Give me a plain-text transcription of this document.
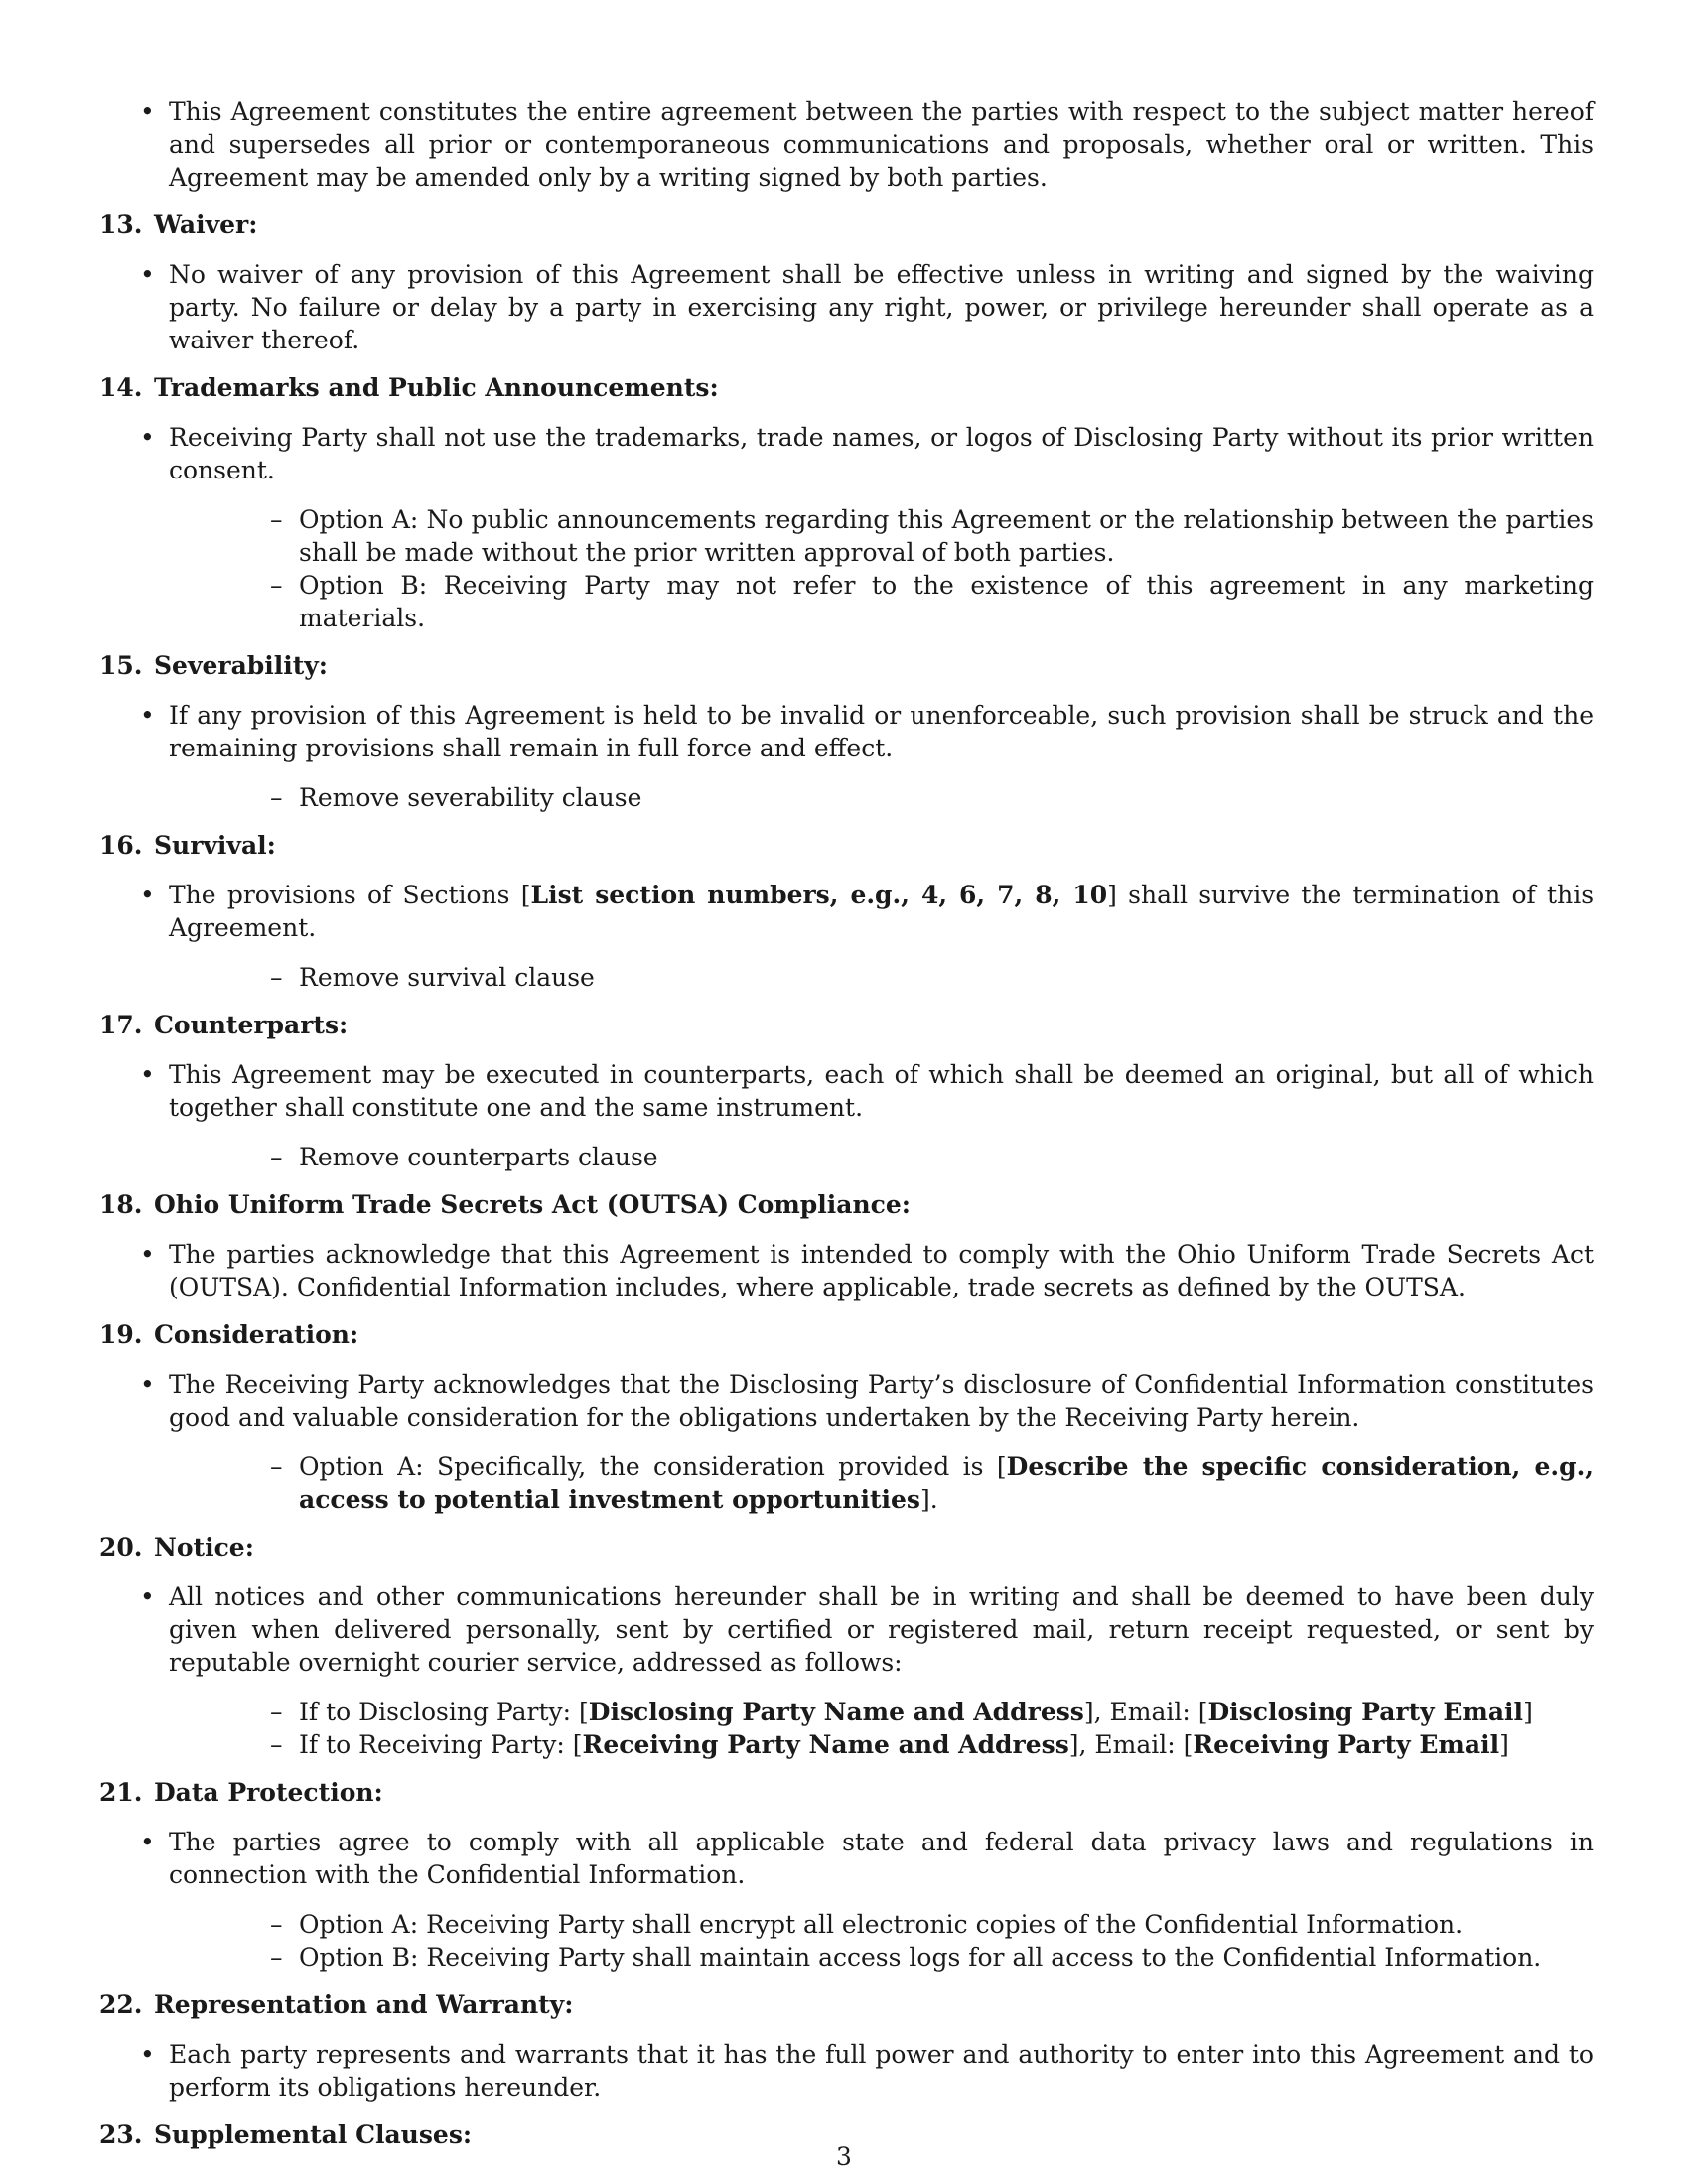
• This Agreement constitutes the entire agreement between the parties with respect to the subject matter hereof and supersedes all prior or contemporaneous communications and proposals, whether oral or written. This Agreement may be amended only by a writing signed by both parties.
13. Waiver:
• No waiver of any provision of this Agreement shall be effective unless in writing and signed by the waiving party. No failure or delay by a party in exercising any right, power, or privilege hereunder shall operate as a waiver thereof.
14. Trademarks and Public Announcements:
• Receiving Party shall not use the trademarks, trade names, or logos of Disclosing Party without its prior written consent.
– Option A: No public announcements regarding this Agreement or the relationship between the parties shall be made without the prior written approval of both parties.
– Option B: Receiving Party may not refer to the existence of this agreement in any marketing materials.
15. Severability:
• If any provision of this Agreement is held to be invalid or unenforceable, such provision shall be struck and the remaining provisions shall remain in full force and effect.
– Remove severability clause
16. Survival:
• The provisions of Sections [List section numbers, e.g., 4, 6, 7, 8, 10] shall survive the termination of this Agreement.
– Remove survival clause
17. Counterparts:
• This Agreement may be executed in counterparts, each of which shall be deemed an original, but all of which together shall constitute one and the same instrument.
– Remove counterparts clause
18. Ohio Uniform Trade Secrets Act (OUTSA) Compliance:
• The parties acknowledge that this Agreement is intended to comply with the Ohio Uniform Trade Secrets Act (OUTSA). Confidential Information includes, where applicable, trade secrets as defined by the OUTSA.
19. Consideration:
• The Receiving Party acknowledges that the Disclosing Party’s disclosure of Confidential Information constitutes good and valuable consideration for the obligations undertaken by the Receiving Party herein.
– Option A: Specifically, the consideration provided is [Describe the specific consideration, e.g., access to potential investment opportunities].
20. Notice:
• All notices and other communications hereunder shall be in writing and shall be deemed to have been duly given when delivered personally, sent by certified or registered mail, return receipt requested, or sent by reputable overnight courier service, addressed as follows:
– If to Disclosing Party: [Disclosing Party Name and Address], Email: [Disclosing Party Email]
– If to Receiving Party: [Receiving Party Name and Address], Email: [Receiving Party Email]
21. Data Protection:
• The parties agree to comply with all applicable state and federal data privacy laws and regulations in connection with the Confidential Information.
– Option A: Receiving Party shall encrypt all electronic copies of the Confidential Information.
– Option B: Receiving Party shall maintain access logs for all access to the Confidential Information.
22. Representation and Warranty:
• Each party represents and warrants that it has the full power and authority to enter into this Agreement and to perform its obligations hereunder.
23. Supplemental Clauses:
3
